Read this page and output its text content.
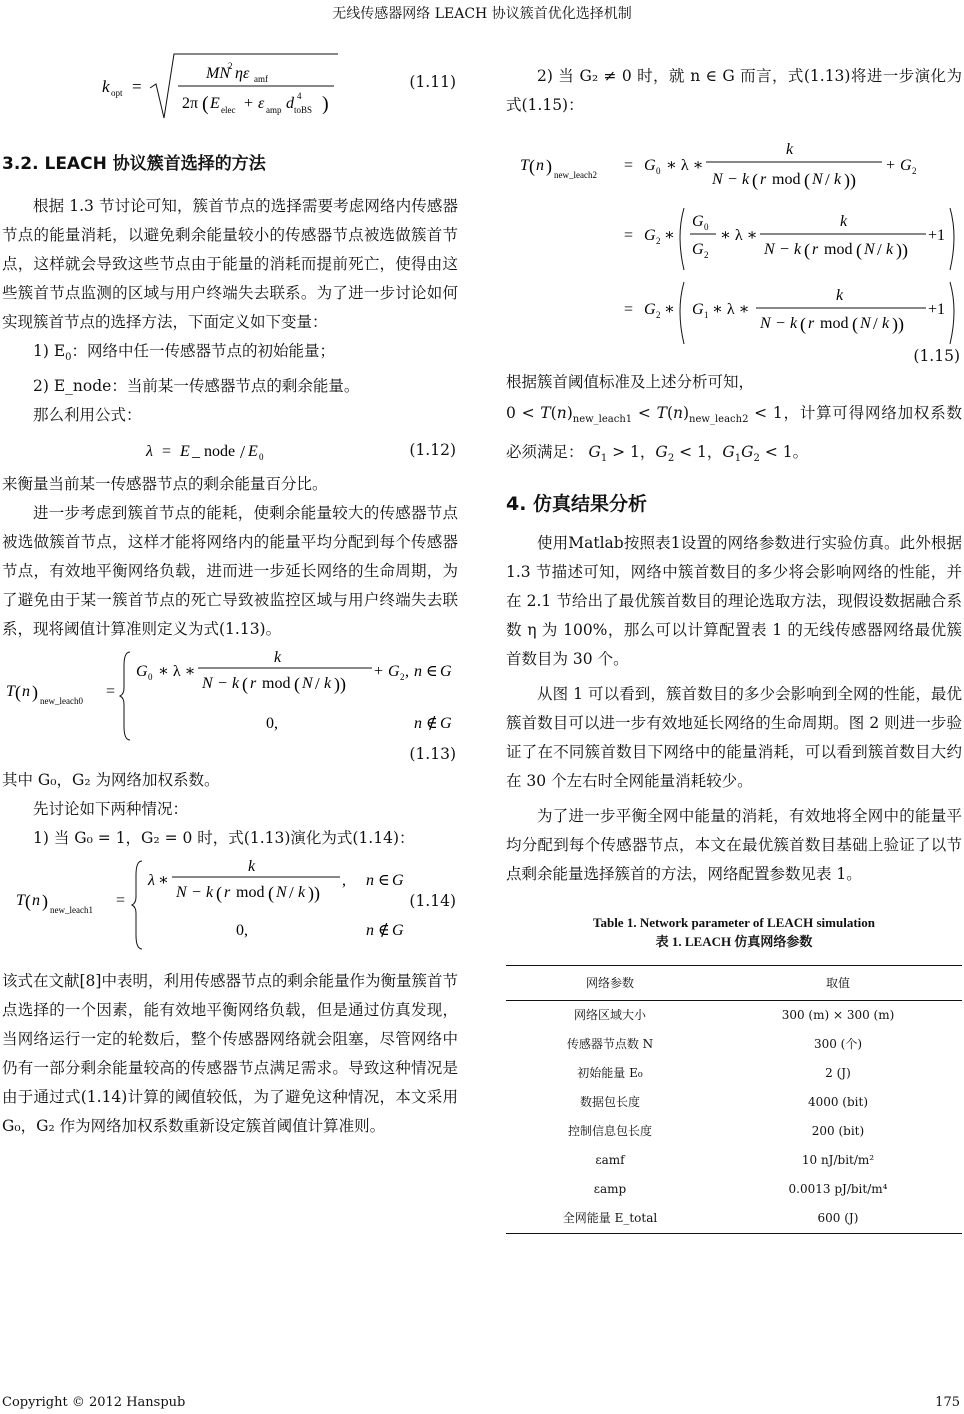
无线传感器网络 LEACH 协议簇首优化选择机制
k opt =
MN
2 ηε amf
2π ( E elec + ε amp d 4
toBS )
(1.11)

3.2. LEACH 协议簇首选择的方法

根据 1.3 节讨论可知，簇首节点的选择需要考虑网络内传感器节点的能量消耗，以避免剩余能量较小的传感器节点被选做簇首节点，这样就会导致这些节点由于能量的消耗而提前死亡，使得由这些簇首节点监测的区域与用户终端失去联系。为了进一步讨论如何实现簇首节点的选择方法，下面定义如下变量：

1) $E_0$：网络中任一传感器节点的初始能量；

2) E_node：当前某一传感器节点的剩余能量。

那么利用公式：

λ = E _ node / E 0	(1.12)

来衡量当前某一传感器节点的剩余能量百分比。

进一步考虑到簇首节点的能耗，使剩余能量较大的传感器节点被选做簇首节点，这样才能将网络内的能量平均分配到每个传感器节点，有效地平衡网络负载，进而进一步延长网络的生命周期，为了避免由于某一簇首节点的死亡导致被监控区域与用户终端失去联系，现将阈值计算准则定义为式(1.13)。

T ( n ) new_leach0
=
G 0 ∗ λ ∗
k
N − k ( r mod ( N / k ))
+ G 2 , n ∈ G
0,	n ∉ G
(1.13)

其中 G₀，G₂ 为网络加权系数。

先讨论如下两种情况：

1) 当 G₀ = 1，G₂ = 0 时，式(1.13)演化为式(1.14)：

T ( n ) new_leach1
=
λ ∗
k
N − k ( r mod ( N / k ))
, n ∈ G
0,	n ∉ G
(1.14)

该式在文献[8]中表明，利用传感器节点的剩余能量作为衡量簇首节点选择的一个因素，能有效地平衡网络负载，但是通过仿真发现，当网络运行一定的轮数后，整个传感器网络就会阻塞，尽管网络中仍有一部分剩余能量较高的传感器节点满足需求。导致这种情况是由于通过式(1.14)计算的阈值较低，为了避免这种情况，本文采用 G₀，G₂ 作为网络加权系数重新设定簇首阈值计算准则。

2) 当 G₂ ≠ 0 时，就 n ∈ G 而言，式(1.13)将进一步演化为式(1.15)：

T ( n ) new_leach2
= G 0 ∗ λ ∗
k
N − k ( r mod ( N / k ))
+ G 2
= G 2 ∗
G 0
G 2
∗ λ ∗
k
N − k ( r mod ( N / k ))
+1
= G 2 ∗ G 1 ∗ λ ∗
k
N − k ( r mod ( N / k ))
+1
(1.15)

根据簇首阈值标准及上述分析可知，

$0 < T(n)_{new\_leach1} < T(n)_{new\_leach2} < 1$，计算可得网络加权系数必须满足： $G_1 > 1$，$G_2 < 1$，$G_1G_2 < 1$。

4. 仿真结果分析

使用Matlab按照表1设置的网络参数进行实验仿真。此外根据 1.3 节描述可知，网络中簇首数目的多少将会影响网络的性能，并在 2.1 节给出了最优簇首数目的理论选取方法，现假设数据融合系数 η 为 100%，那么可以计算配置表 1 的无线传感器网络最优簇首数目为 30 个。

从图 1 可以看到，簇首数目的多少会影响到全网的性能，最优簇首数目可以进一步有效地延长网络的生命周期。图 2 则进一步验证了在不同簇首数目下网络中的能量消耗，可以看到簇首数目大约在 30 个左右时全网能量消耗较少。

为了进一步平衡全网中能量的消耗，有效地将全网中的能量平均分配到每个传感器节点，本文在最优簇首数目基础上验证了以节点剩余能量选择簇首的方法，网络配置参数见表 1。

Table 1. Network parameter of LEACH simulation
表 1. LEACH 仿真网络参数
网络参数	取值
网络区域大小	300 (m) × 300 (m)
传感器节点数 N	300 (个)
初始能量 E₀	2 (J)
数据包长度	4000 (bit)
控制信息包长度	200 (bit)
εamf	10 nJ/bit/m²
εamp	0.0013 pJ/bit/m⁴
全网能量 E_total	600 (J)
Copyright © 2012 Hanspub	175
